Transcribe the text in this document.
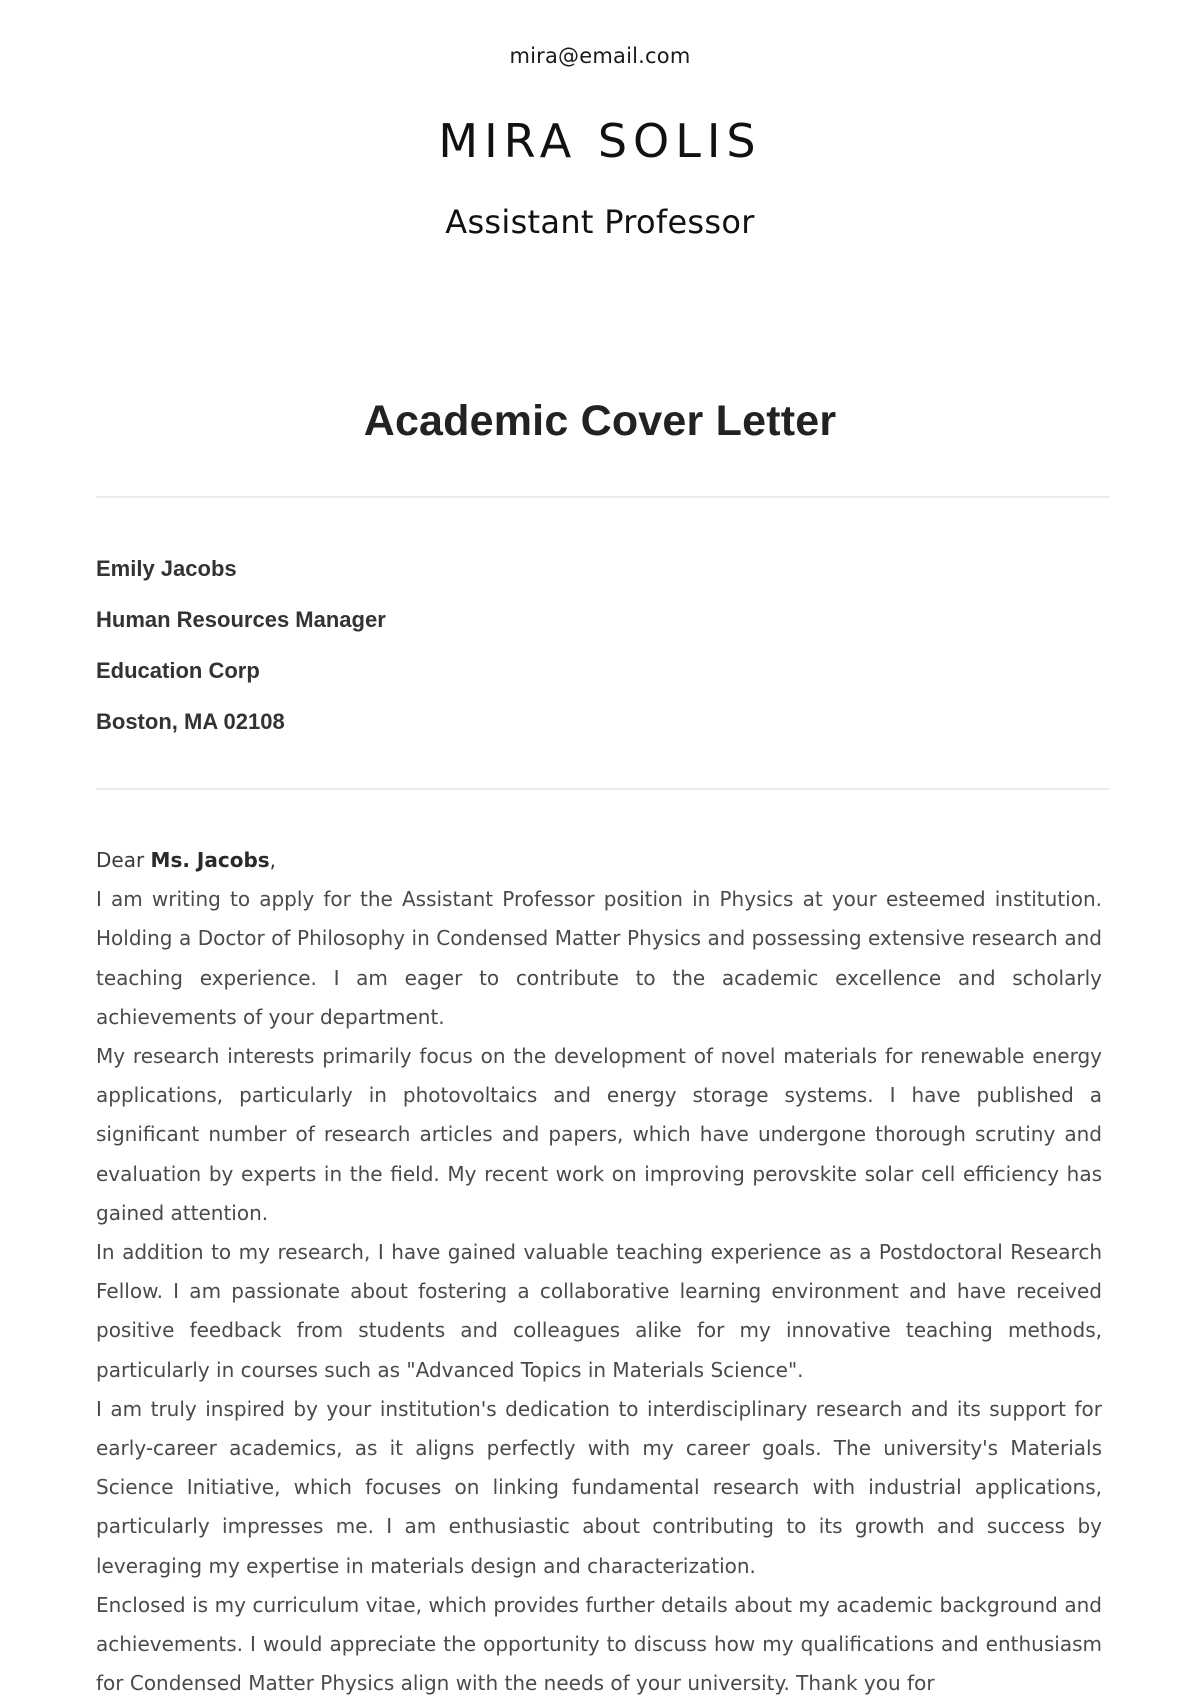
mira@email.com
MIRA SOLIS
Assistant Professor
Academic Cover Letter
Emily Jacobs
Human Resources Manager
Education Corp
Boston, MA 02108

Dear Ms. Jacobs,

I am writing to apply for the Assistant Professor position in Physics at your esteemed institution. Holding a Doctor of Philosophy in Condensed Matter Physics and possessing extensive research and teaching experience. I am eager to contribute to the academic excellence and scholarly achievements of your department.

My research interests primarily focus on the development of novel materials for renewable energy applications, particularly in photovoltaics and energy storage systems. I have published a significant number of research articles and papers, which have undergone thorough scrutiny and evaluation by experts in the field. My recent work on improving perovskite solar cell efficiency has gained attention.

In addition to my research, I have gained valuable teaching experience as a Postdoctoral Research Fellow. I am passionate about fostering a collaborative learning environment and have received positive feedback from students and colleagues alike for my innovative teaching methods, particularly in courses such as "Advanced Topics in Materials Science".

I am truly inspired by your institution's dedication to interdisciplinary research and its support for early-career academics, as it aligns perfectly with my career goals. The university's Materials Science Initiative, which focuses on linking fundamental research with industrial applications, particularly impresses me. I am enthusiastic about contributing to its growth and success by leveraging my expertise in materials design and characterization.

Enclosed is my curriculum vitae, which provides further details about my academic background and achievements. I would appreciate the opportunity to discuss how my qualifications and enthusiasm for Condensed Matter Physics align with the needs of your university. Thank you for
